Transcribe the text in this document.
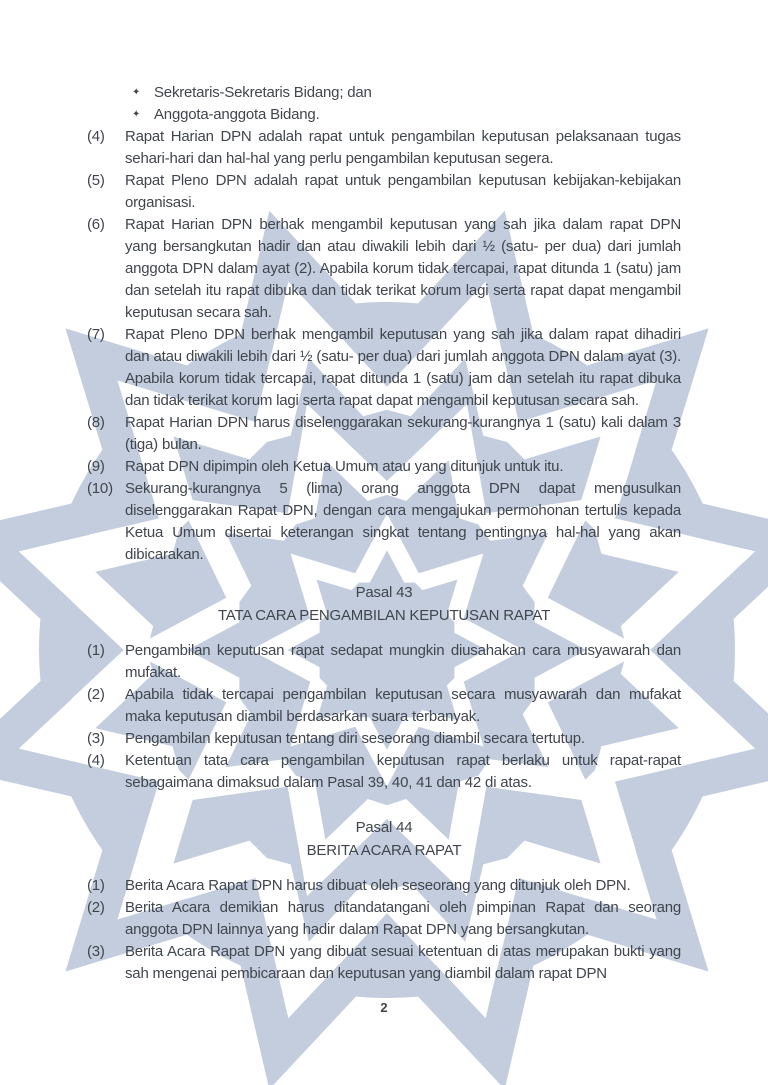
✦ Sekretaris-Sekretaris Bidang; dan
✦ Anggota-anggota Bidang.
(4)	Rapat Harian DPN adalah rapat untuk pengambilan keputusan pelaksanaan tugas sehari-hari dan hal-hal yang perlu pengambilan keputusan segera.
(5)	Rapat Pleno DPN adalah rapat untuk pengambilan keputusan kebijakan-kebijakan organisasi.
(6)	Rapat Harian DPN berhak mengambil keputusan yang sah jika dalam rapat DPN yang bersangkutan hadir dan atau diwakili lebih dari ½ (satu- per dua) dari jumlah anggota DPN dalam ayat (2). Apabila korum tidak tercapai, rapat ditunda 1 (satu) jam dan setelah itu rapat dibuka dan tidak terikat korum lagi serta rapat dapat mengambil keputusan secara sah.
(7)	Rapat Pleno DPN berhak mengambil keputusan yang sah jika dalam rapat dihadiri dan atau diwakili lebih dari ½ (satu- per dua) dari jumlah anggota DPN dalam ayat (3). Apabila korum tidak tercapai, rapat ditunda 1 (satu) jam dan setelah itu rapat dibuka dan tidak terikat korum lagi serta rapat dapat mengambil keputusan secara sah.
(8)	Rapat Harian DPN harus diselenggarakan sekurang-kurangnya 1 (satu) kali dalam 3 (tiga) bulan.
(9)	Rapat DPN dipimpin oleh Ketua Umum atau yang ditunjuk untuk itu.
(10) Sekurang-kurangnya 5 (lima) orang anggota DPN dapat mengusulkan diselenggarakan Rapat DPN, dengan cara mengajukan permohonan tertulis kepada Ketua Umum disertai keterangan singkat tentang pentingnya hal-hal yang akan dibicarakan.
Pasal 43
TATA CARA PENGAMBILAN KEPUTUSAN RAPAT
(1)	Pengambilan keputusan rapat sedapat mungkin diusahakan cara musyawarah dan mufakat.
(2)	Apabila tidak tercapai pengambilan keputusan secara musyawarah dan mufakat maka keputusan diambil berdasarkan suara terbanyak.
(3)	Pengambilan keputusan tentang diri seseorang diambil secara tertutup.
(4)	Ketentuan tata cara pengambilan keputusan rapat berlaku untuk rapat-rapat sebagaimana dimaksud dalam Pasal 39, 40, 41 dan 42 di atas.
Pasal 44
BERITA ACARA RAPAT
(1)	Berita Acara Rapat DPN harus dibuat oleh seseorang yang ditunjuk oleh DPN.
(2)	Berita Acara demikian harus ditandatangani oleh pimpinan Rapat dan seorang anggota DPN lainnya yang hadir dalam Rapat DPN yang bersangkutan.
(3)	Berita Acara Rapat DPN yang dibuat sesuai ketentuan di atas merupakan bukti yang sah mengenai pembicaraan dan keputusan yang diambil dalam rapat DPN
2
